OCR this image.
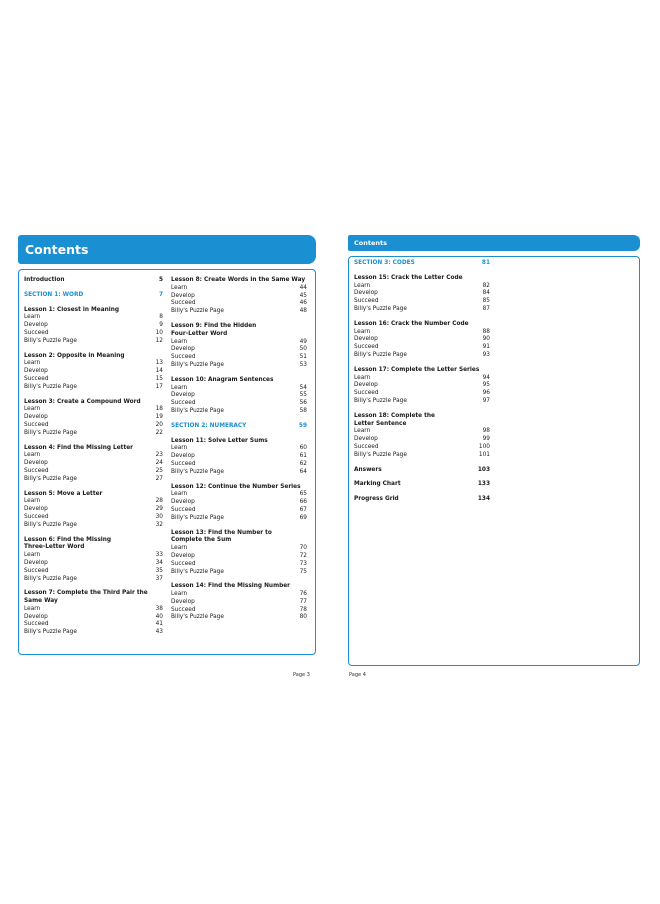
Contents	Contents
Introduction	5
SECTION 1: WORD	7
Lesson 1: Closest in Meaning
Learn	8
Develop	9
Succeed	10
Billy's Puzzle Page	12
Lesson 2: Opposite in Meaning
Learn	13
Develop	14
Succeed	15
Billy's Puzzle Page	17
Lesson 3: Create a Compound Word
Learn	18
Develop	19
Succeed	20
Billy's Puzzle Page	22
Lesson 4: Find the Missing Letter
Learn	23
Develop	24
Succeed	25
Billy's Puzzle Page	27
Lesson 5: Move a Letter
Learn	28
Develop	29
Succeed	30
Billy's Puzzle Page	32
Lesson 6: Find the Missing
Three-Letter Word
Learn	33
Develop	34
Succeed	35
Billy's Puzzle Page	37
Lesson 7: Complete the Third Pair the
Same Way
Learn	38
Develop	40
Succeed	41
Billy's Puzzle Page	43
Lesson 8: Create Words in the Same Way
Learn	44
Develop	45
Succeed	46
Billy's Puzzle Page	48
Lesson 9: Find the Hidden
Four-Letter Word
Learn	49
Develop	50
Succeed	51
Billy's Puzzle Page	53
Lesson 10: Anagram Sentences
Learn	54
Develop	55
Succeed	56
Billy's Puzzle Page	58
SECTION 2: NUMERACY	59
Lesson 11: Solve Letter Sums
Learn	60
Develop	61
Succeed	62
Billy's Puzzle Page	64
Lesson 12: Continue the Number Series
Learn	65
Develop	66
Succeed	67
Billy's Puzzle Page	69
Lesson 13: Find the Number to
Complete the Sum
Learn	70
Develop	72
Succeed	73
Billy's Puzzle Page	75
Lesson 14: Find the Missing Number
Learn	76
Develop	77
Succeed	78
Billy's Puzzle Page	80
SECTION 3: CODES	81
Lesson 15: Crack the Letter Code
Learn	82
Develop	84
Succeed	85
Billy's Puzzle Page	87
Lesson 16: Crack the Number Code
Learn	88
Develop	90
Succeed	91
Billy's Puzzle Page	93
Lesson 17: Complete the Letter Series
Learn	94
Develop	95
Succeed	96
Billy's Puzzle Page	97
Lesson 18: Complete the
Letter Sentence
Learn	98
Develop	99
Succeed	100
Billy's Puzzle Page	101
Answers	103
Marking Chart	133
Progress Grid	134
Page 3	Page 4
